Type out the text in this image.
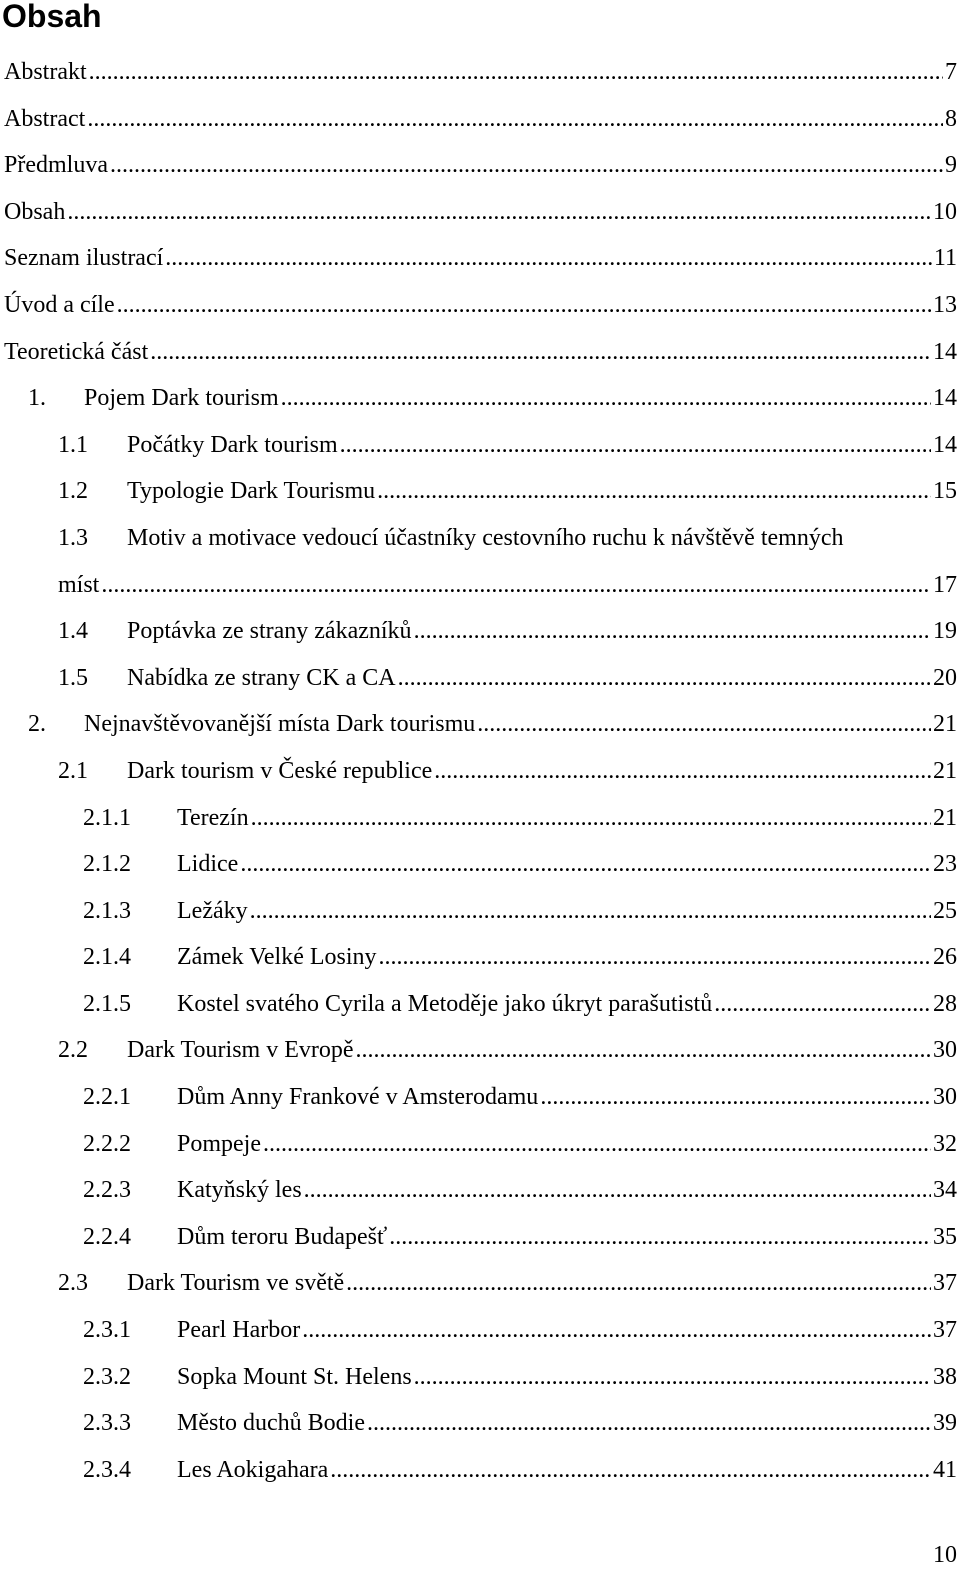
Obsah
Abstrakt .....	7
Abstract .....	8
Předmluva .....	9
Obsah .....	10
Seznam ilustrací .....	11
Úvod a cíle .....	13
Teoretická část .....	14
1.	Pojem Dark tourism .....	14
1.1	Počátky Dark tourism .....	14
1.2	Typologie Dark Tourismu .....	15
1.3	Motiv a motivace vedoucí účastníky cestovního ruchu k návštěvě temných
míst .....	17
1.4	Poptávka ze strany zákazníků .....	19
1.5	Nabídka ze strany CK a CA .....	20
2.	Nejnavštěvovanější místa Dark tourismu .....	21
2.1	Dark tourism v České republice .....	21
2.1.1	Terezín .....	21
2.1.2	Lidice .....	23
2.1.3	Ležáky .....	25
2.1.4	Zámek Velké Losiny .....	26
2.1.5	Kostel svatého Cyrila a Metoděje jako úkryt parašutistů .....	28
2.2	Dark Tourism v Evropě .....	30
2.2.1	Dům Anny Frankové v Amsterodamu .....	30
2.2.2	Pompeje .....	32
2.2.3	Katyňský les .....	34
2.2.4	Dům teroru Budapešť .....	35
2.3	Dark Tourism ve světě .....	37
2.3.1	Pearl Harbor .....	37
2.3.2	Sopka Mount St. Helens .....	38
2.3.3	Město duchů Bodie .....	39
2.3.4	Les Aokigahara .....	41
10
